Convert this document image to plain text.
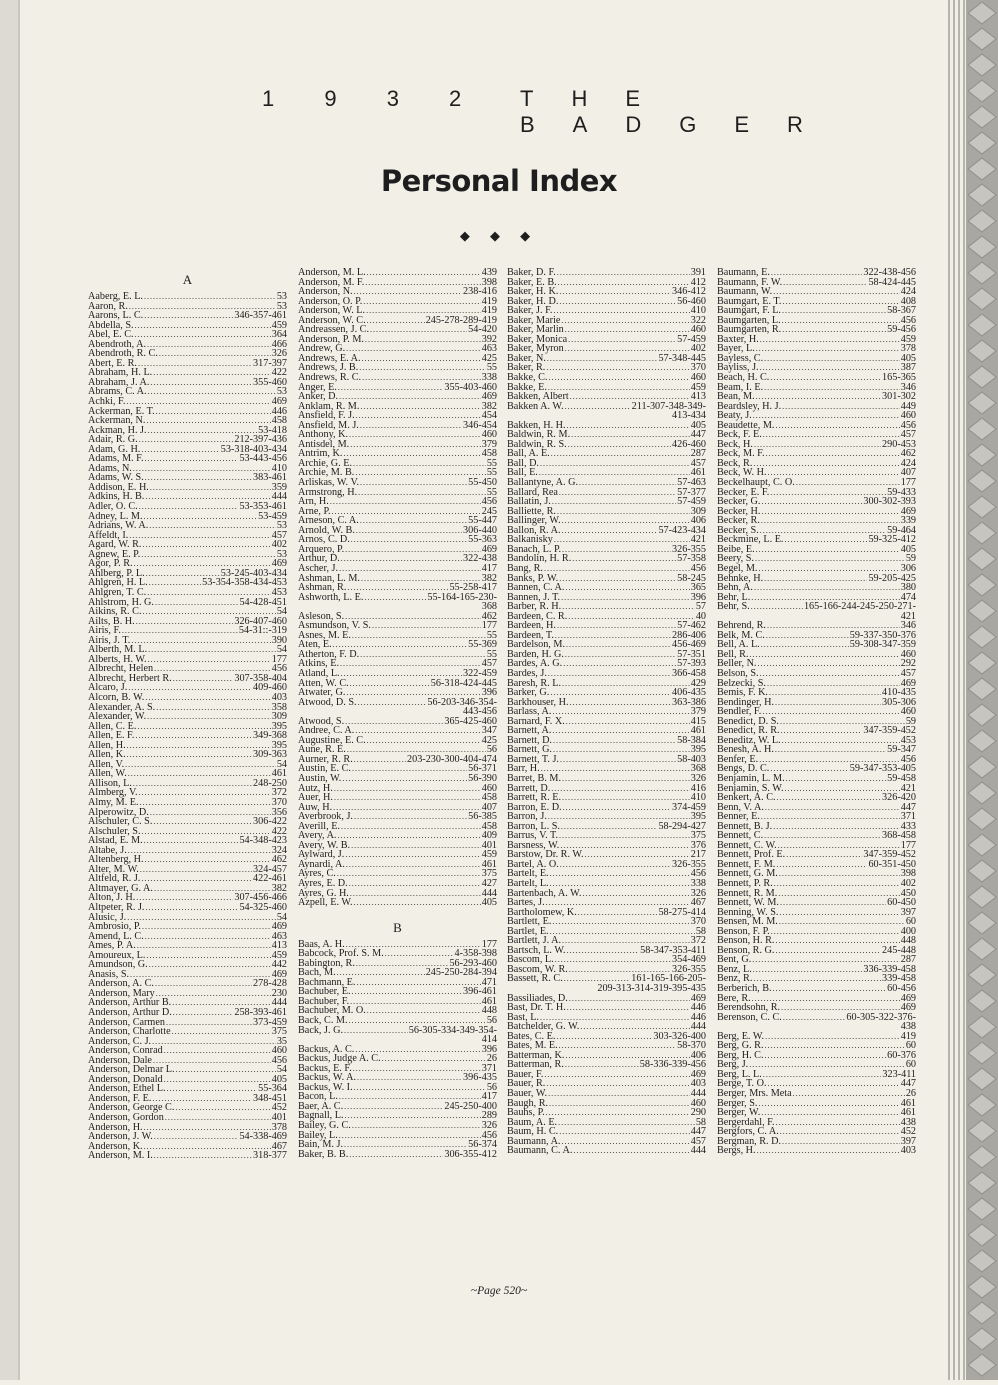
1 9 3 2 THE BADGER
Personal Index
◆ ◆ ◆
A
Aaberg, E. L. . . .	53
Aaron, R. . . .	53
Aarons, L. C. . . .	346-357-461
Abdella, S. . . .	459
Abel, E. C. . . .	364
Abendroth, A. . . .	466
Abendroth, R. C. . . .	326
Abert, E. R. . . .	317-397
Abraham, H. L. . . .	422
Abraham, J. A. . . .	355-460
Abrams, C. A. . . .	53
Achki, F. . . .	469
Ackerman, E. T. . . .	446
Ackerman, N. . . .	458
Ackman, H. J. . . .	53-418
Adair, R. G. . . .	212-397-436
Adam, G. H. . . .	53-318-403-434
Adams, M. F. . . .	53-443-456
Adams, N. . . .	410
Adams, W. S. . . .	383-461
Addison, E. H. . . .	359
Adkins, H. B. . . .	444
Adler, O. C. . . .	53-353-461
Adney, L. M. . . .	53-459
Adrians, W. A. . . .	53
Affeldt, I. . . .	457
Agard, W. R. . . .	402
Agnew, E. P. . . .	53
Agor, P. R. . . .	469
Ahlberg, P. L. . . .	53-245-403-434
Ahlgren, H. L. . . .	53-354-358-434-453
Ahlgren, T. C. . . .	453
Ahlstrom, H. G. . . .	54-428-451
Aikins, R. C. . . .	54
Ailts, B. H. . . .	326-407-460
Airis, F. . . .	54-31::-319
Airis, J. T. . . .	390
Alberth, M. L. . . .	54
Alberts, H. W. . . .	177
Albrecht, Helen . . .	456
Albrecht, Herbert R. . . .	307-358-404
Alcaro, J. . . .	409-460
Alcorn, B. W. . . .	403
Alexander, A. S. . . .	358
Alexander, W. . . .	309
Allen, C. E. . . .	395
Allen, E. F. . . .	349-368
Allen, H. . . .	395
Allen, K. . . .	309-363
Allen, V. . . .	54
Allen, W. . . .	461
Allison, L. . . .	248-250
Almberg, V. . . .	372
Almy, M. E. . . .	370
Alperowitz, D. . . .	356
Alschuler, C. S. . . .	306-422
Alschuler, S. . . .	422
Alstad, E. M. . . .	54-348-423
Altabe, J. . . .	324
Altenberg, H. . . .	462
Alter, M. W. . . .	324-457
Altfeld, R. J. . . .	422-461
Altmayer, G. A. . . .	382
Alton, J. H. . . .	307-456-466
Altpeter, R. J. . . .	54-325-460
Alusic, J. . . .	54
Ambrosio, P. . . .	469
Amend, L. C. . . .	463
Ames, P. A. . . .	413
Amoureux, L. . . .	459
Amundson, G. . . .	442
Anasis, S. . . .	469
Anderson, A. C. . . .	278-428
Anderson, Mary . . .	230
Anderson, Arthur B. . . .	444
Anderson, Arthur D. . . .	258-393-461
Anderson, Carmen . . .	373-459
Anderson, Charlotte . . .	375
Anderson, C. J. . . .	35
Anderson, Conrad . . .	460
Anderson, Dale . . .	456
Anderson, Delmar L. . . .	54
Anderson, Donald . . .	405
Anderson, Ethel L. . . .	55-364
Anderson, F. E. . . .	348-451
Anderson, George C. . . .	452
Anderson, Gordon . . .	401
Anderson, H. . . .	378
Anderson, J. W. . . .	54-338-469
Anderson, K. . . .	467
Anderson, M. I. . . .	318-377
Anderson, M. L. . . .	439
Anderson, M. F. . . .	398
Anderson, N. . . .	238-416
Anderson, O. P. . . .	419
Anderson, W. L. . . .	419
Anderson, W. C. . . .	245-278-289-419
Andreassen, J. C. . . .	54-420
Anderson, P. M. . . .	392
Andrew, G. . . .	463
Andrews, E. A. . . .	425
Andrews, J. B. . . .	55
Andrews, R. C. . . .	338
Anger, E. . . .	355-403-460
Anker, D. . . .	469
Anklam, R. M. . . .	382
Ansfield, F. J. . . .	454
Ansfield, M. J. . . .	346-454
Anthony, K. . . .	460
Antisdel, M. . . .	379
Antrim, K. . . .	458
Archie, G. E. . . .	55
Archie, M. B. . . .	55
Arliskas, W. V. . . .	55-450
Armstrong, H. . . .	55
Arn, H. . . .	456
Arne, P. . . .	245
Arneson, C. A. . . .	55-447
Arnold, W. B. . . .	306-440
Arnos, C. D. . . .	55-363
Arquero, P. . . .	469
Arthur, D. . . .	322-438
Ascher, J. . . .	417
Ashman, L. M. . . .	382
Ashman, R. . . .	55-258-417
Ashworth, L. E. . . .	55-164-165-230-
368
Asleson, S. . . .	462
Asmundson, V. S. . . .	177
Asnes, M. E. . . .	55
Aten, E. . . .	55-369
Atherton, F. D. . . .	55
Atkins, E. . . .	457
Atland, L. . . .	322-459
Atten, W. C. . . .	56-318-424-445
Atwater, G. . . .	396
Atwood, D. S. . . .	56-203-346-354-
443-456
Atwood, S. . . .	365-425-460
Andree, C. A. . . .	347
Augustine, E. C. . . .	425
Aune, R. E. . . .	56
Aurner, R. R. . . .	203-230-300-404-474
Austin, E. C. . . .	56-371
Austin, W. . . .	56-390
Autz, H. . . .	460
Auer, H. . . .	458
Auw, H. . . .	407
Averbrook, J. . . .	56-385
Averill, E. . . .	458
Avery, A. . . .	409
Avery, W. B. . . .	401
Aylward, J. . . .	459
Aynardi, A. . . .	461
Ayres, C. . . .	375
Ayres, E. D. . . .	427
Ayres, G. H. . . .	444
Azpell, E. W. . . .	405
B
Baas, A. H. . . .	177
Babcock, Prof. S. M. . . .	4-358-398
Babington, R. . . .	56-293-460
Bach, M. . . .	245-250-284-394
Bachmann, E. . . .	471
Bachuber, E. . . .	396-461
Bachuber, F. . . .	461
Bachuber, M. O. . . .	448
Back, C. M. . . .	56
Back, J. G. . . .	56-305-334-349-354-
414
Backus, A. C. . . .	396
Backus, Judge A. C. . . .	26
Backus, E. F. . . .	371
Backus, W. A. . . .	396-435
Backus, W. I. . . .	56
Bacon, L. . . .	417
Baer, A. C. . . .	245-250-400
Bagnall, L. . . .	289
Bailey, G. C. . . .	326
Bailey, L. . . .	456
Bain, M. J. . . .	56-374
Baker, B. B. . . .	306-355-412
Baker, D. F. . . .	391
Baker, E. B. . . .	412
Baker, H. K. . . .	346-412
Baker, H. D. . . .	56-460
Baker, J. F. . . .	410
Baker, Marie . . .	322
Baker, Marlin . . .	460
Baker, Monica . . .	57-459
Baker, Myron . . .	402
Baker, N. . . .	57-348-445
Baker, R. . . .	370
Bakke, C. . . .	460
Bakke, E. . . .	459
Bakken, Albert . . .	413
Bakken A. W. . . .	211-307-348-349-
413-434
Bakken, H. H. . . .	405
Baldwin, R. M. . . .	447
Baldwin, R. S. . . .	426-460
Ball, A. E. . . .	287
Ball, D. . . .	457
Ball, E. . . .	461
Ballantyne, A. G. . . .	57-463
Ballard, Rea . . .	57-377
Ballatin, J. . . .	57-459
Balliette, R. . . .	309
Ballinger, W. . . .	406
Ballon, R. A. . . .	57-423-434
Balkanisky . . .	421
Banach, L. P. . . .	326-355
Bandolin, H. R. . . .	57-358
Bang, R. . . .	456
Banks, P. W. . . .	58-245
Bannen, C. A. . . .	365
Bannen, J. T. . . .	396
Barber, R. H. . . .	57
Bardeen, C. R. . . .	40
Bardeen, H. . . .	57-462
Bardeen, T. . . .	286-406
Bardelson, M. . . .	456-469
Barden, H. G. . . .	57-351
Bardes, A. G. . . .	57-393
Bardes, J. . . .	366-458
Baresh, R. L. . . .	429
Barker, G. . . .	406-435
Barkhouser, H. . . .	363-386
Barlass, A. . . .	379
Barnard, F. X. . . .	415
Barnett, A. . . .	461
Barnett, D. . . .	58-384
Barnett, G. . . .	395
Barnett, T. J. . . .	58-403
Barr, H. . . .	368
Barret, B. M. . . .	326
Barrett, D. . . .	416
Barrett, R. E. . . .	410
Barron, E. D. . . .	374-459
Barron, J. . . .	395
Barron, L. S. . . .	58-294-427
Barrus, V. T. . . .	375
Barsness, W. . . .	376
Barstow, Dr. R. W. . . .	217
Bartel, A. O. . . .	326-355
Bartelt, E. . . .	456
Bartelt, L. . . .	338
Bartenbach, A. W. . . .	326
Bartes, J. . . .	467
Bartholomew, K. . . .	58-275-414
Bartlett, E. . . .	370
Bartlet, E. . . .	58
Bartlett, J. A. . . .	372
Bartsch, L. W. . . .	58-347-353-411
Bascom, L. . . .	354-469
Bascom, W. R. . . .	326-355
Bassett, R. C. . . .	161-165-166-205-
209-313-314-319-395-435
Bassiliades, D. . . .	469
Bast, Dr. T. H. . . .	446
Bast, L. . . .	446
Batchelder, G. W. . . .	444
Bates, C. E. . . .	303-326-400
Bates, M. E. . . .	58-370
Batterman, K. . . .	406
Batterman, R. . . .	58-336-339-456
Bauer, F. . . .	469
Bauer, R. . . .	403
Bauer, W. . . .	444
Baugh, R. . . .	460
Bauhs, P. . . .	290
Baum, A. E. . . .	58
Baum, H. C. . . .	447
Baumann, A. . . .	457
Baumann, C. A. . . .	444
Baumann, E. . . .	322-438-456
Baumann, F. W. . . .	58-424-445
Baumann, W. . . .	424
Baumgart, E. T. . . .	408
Baumgart, F. L. . . .	58-367
Baumgarten, L. . . .	456
Baumgarten, R. . . .	59-456
Baxter, H. . . .	459
Bayer, L. . . .	378
Bayless, C. . . .	405
Bayliss, J. . . .	387
Beach, H. C. . . .	165-365
Beam, I. E. . . .	346
Bean, M. . . .	301-302
Beardsley, H. J. . . .	449
Beaty, J. . . .	460
Beaudette, M. . . .	456
Beck, F. E. . . .	457
Beck, H. . . .	290-453
Beck, M. F. . . .	462
Beck, R. . . .	424
Beck, W. H. . . .	407
Beckelhaupt, C. O. . . .	177
Becker, E. F. . . .	59-433
Becker, G. . . .	300-302-393
Becker, H. . . .	469
Becker, R. . . .	339
Becker, S. . . .	59-464
Beckmine, L. E. . . .	59-325-412
Beibe, E. . . .	405
Beery, S. . . .	59
Begel, M. . . .	306
Behnke, H. . . .	59-205-425
Behn, A. . . .	380
Behr, L. . . .	474
Behr, S. . . .	165-166-244-245-250-271-
421
Behrend, R. . . .	346
Belk, M. C. . . .	59-337-350-376
Bell, A. L. . . .	59-308-347-359
Bell, R. . . .	460
Beller, N. . . .	292
Belson, S. . . .	457
Belzecki, S. . . .	469
Bemis, F. K. . . .	410-435
Bendinger, H. . . .	305-306
Bendler, F. . . .	460
Benedict, D. S. . . .	59
Benedict, R. R. . . .	347-359-452
Beneditz, W. L. . . .	453
Benesh, A. H. . . .	59-347
Benfer, E. . . .	456
Bengs, D. C. . . .	59-347-353-405
Benjamin, L. M. . . .	59-458
Benjamin, S. W. . . .	421
Benkert, A. C. . . .	326-420
Benn, V. A. . . .	447
Benner, E. . . .	371
Bennett, B. J. . . .	433
Bennett, C. . . .	368-458
Bennett, C. W. . . .	177
Bennett, Prof. E. . . .	347-359-452
Bennett, F. M. . . .	60-351-450
Bennett, G. M. . . .	398
Bennett, P. R. . . .	402
Bennett, R. M. . . .	450
Bennett, W. M. . . .	60-450
Benning, W. S. . . .	397
Bensen, M. M. . . .	60
Benson, F. P. . . .	400
Benson, H. R. . . .	448
Benson, R. G. . . .	245-448
Bent, G. . . .	287
Benz, L. . . .	336-339-458
Benz, R. . . .	339-458
Berberich, B. . . .	60-456
Bere, R. . . .	469
Berendsohn, R. . . .	469
Berenson, C. C. . . .	60-305-322-376-
438
Berg, E. W. . . .	419
Berg, G. R. . . .	60
Berg, H. C. . . .	60-376
Berg, J. . . .	60
Berg, L. L. . . .	323-411
Berge, T. O. . . .	447
Berger, Mrs. Meta . . .	26
Berger, S. . . .	461
Berger, W. . . .	461
Bergerdahl, F. . . .	438
Bergfors, C. A. . . .	452
Bergman, R. D. . . .	397
Bergs, H. . . .	403
~Page 520~
